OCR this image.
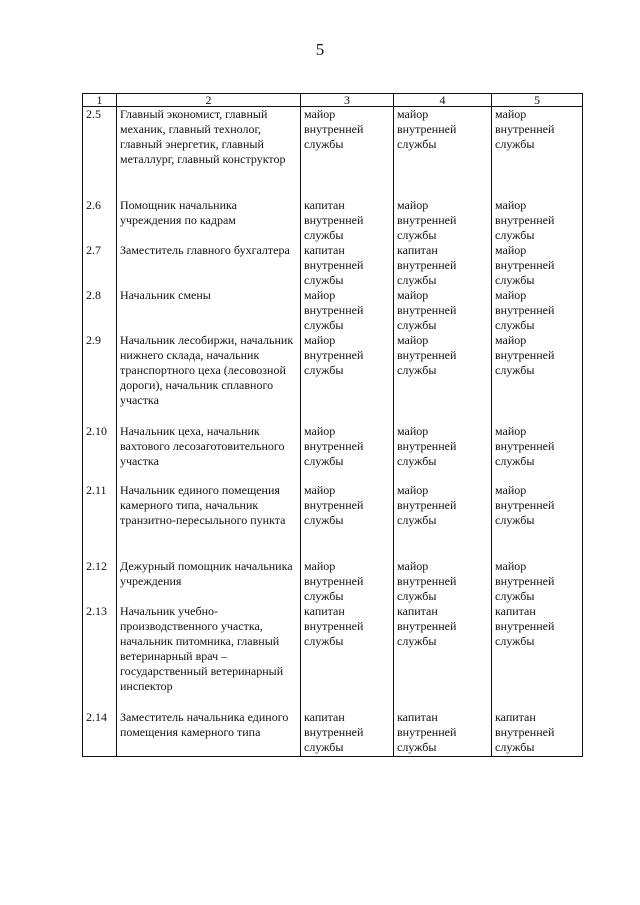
5
1	2	3	4	5
2.5	Главный экономист, главный механик, главный технолог, главный энергетик, главный металлург, главный конструктор	майор
внутренней
службы	майор
внутренней
службы	майор
внутренней
службы
2.6	Помощник начальника учреждения по кадрам	капитан
внутренней
службы	майор
внутренней
службы	майор
внутренней
службы
2.7	Заместитель главного бухгалтера	капитан
внутренней
службы	капитан
внутренней
службы	майор
внутренней
службы
2.8	Начальник смены	майор
внутренней
службы	майор
внутренней
службы	майор
внутренней
службы
2.9	Начальник лесобиржи, начальник нижнего склада, начальник транспортного цеха (лесовозной дороги), начальник сплавного участка	майор
внутренней
службы	майор
внутренней
службы	майор
внутренней
службы
2.10	Начальник цеха, начальник вахтового лесозаготовительного участка	майор
внутренней
службы	майор
внутренней
службы	майор
внутренней
службы
2.11	Начальник единого помещения камерного типа, начальник транзитно-пересыльного пункта	майор
внутренней
службы	майор
внутренней
службы	майор
внутренней
службы
2.12	Дежурный помощник начальника учреждения	майор
внутренней
службы	майор
внутренней
службы	майор
внутренней
службы
2.13	Начальник учебно-производственного участка, начальник питомника, главный ветеринарный врач – государственный ветеринарный инспектор	капитан
внутренней
службы	капитан
внутренней
службы	капитан
внутренней
службы
2.14	Заместитель начальника единого помещения камерного типа	капитан
внутренней
службы	капитан
внутренней
службы	капитан
внутренней
службы
